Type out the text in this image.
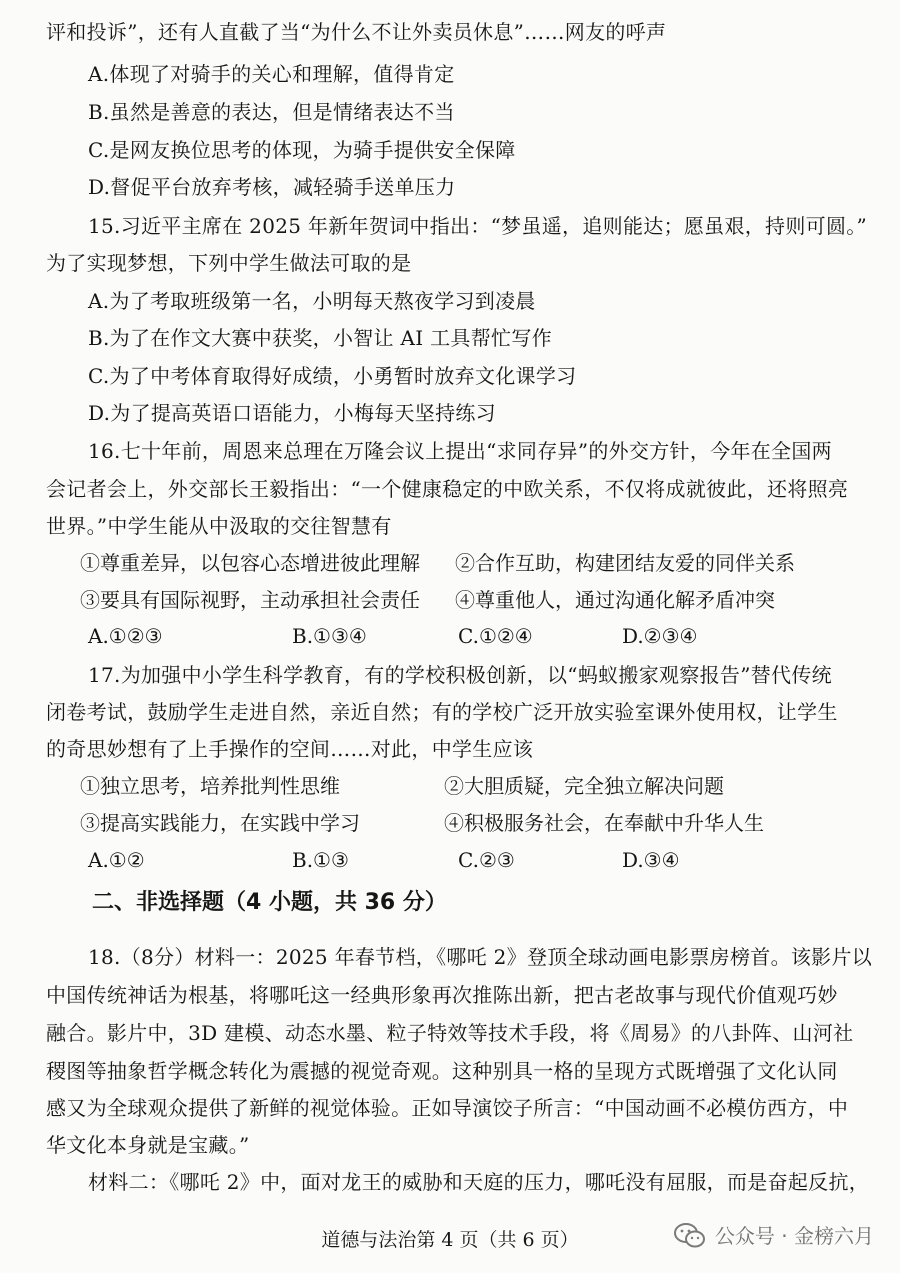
评和投诉”，还有人直截了当“为什么不让外卖员休息”……网友的呼声
A.体现了对骑手的关心和理解，值得肯定
B.虽然是善意的表达，但是情绪表达不当
C.是网友换位思考的体现，为骑手提供安全保障
D.督促平台放弃考核，减轻骑手送单压力
15.习近平主席在 2025 年新年贺词中指出：“梦虽遥，追则能达；愿虽艰，持则可圆。”
为了实现梦想，下列中学生做法可取的是
A.为了考取班级第一名，小明每天熬夜学习到凌晨
B.为了在作文大赛中获奖，小智让 AI 工具帮忙写作
C.为了中考体育取得好成绩，小勇暂时放弃文化课学习
D.为了提高英语口语能力，小梅每天坚持练习
16.七十年前，周恩来总理在万隆会议上提出“求同存异”的外交方针，今年在全国两
会记者会上，外交部长王毅指出：“一个健康稳定的中欧关系，不仅将成就彼此，还将照亮
世界。”中学生能从中汲取的交往智慧有
①尊重差异，以包容心态增进彼此理解	②合作互助，构建团结友爱的同伴关系
③要具有国际视野，主动承担社会责任	④尊重他人，通过沟通化解矛盾冲突
A.①②③	B.①③④	C.①②④	D.②③④
17.为加强中小学生科学教育，有的学校积极创新，以“蚂蚁搬家观察报告”替代传统
闭卷考试，鼓励学生走进自然，亲近自然；有的学校广泛开放实验室课外使用权，让学生
的奇思妙想有了上手操作的空间……对此，中学生应该
①独立思考，培养批判性思维	②大胆质疑，完全独立解决问题
③提高实践能力，在实践中学习	④积极服务社会，在奉献中升华人生
A.①②	B.①③	C.②③	D.③④
二、非选择题（4 小题，共 36 分）
18.（8分）材料一：2025 年春节档，《哪吒 2》登顶全球动画电影票房榜首。该影片以
中国传统神话为根基，将哪吒这一经典形象再次推陈出新，把古老故事与现代价值观巧妙
融合。影片中，3D 建模、动态水墨、粒子特效等技术手段，将《周易》的八卦阵、山河社
稷图等抽象哲学概念转化为震撼的视觉奇观。这种别具一格的呈现方式既增强了文化认同
感又为全球观众提供了新鲜的视觉体验。正如导演饺子所言：“中国动画不必模仿西方，中
华文化本身就是宝藏。”
材料二：《哪吒 2》中，面对龙王的威胁和天庭的压力，哪吒没有屈服，而是奋起反抗，
道德与法治第 4 页（共 6 页）	公众号 · 金榜六月
